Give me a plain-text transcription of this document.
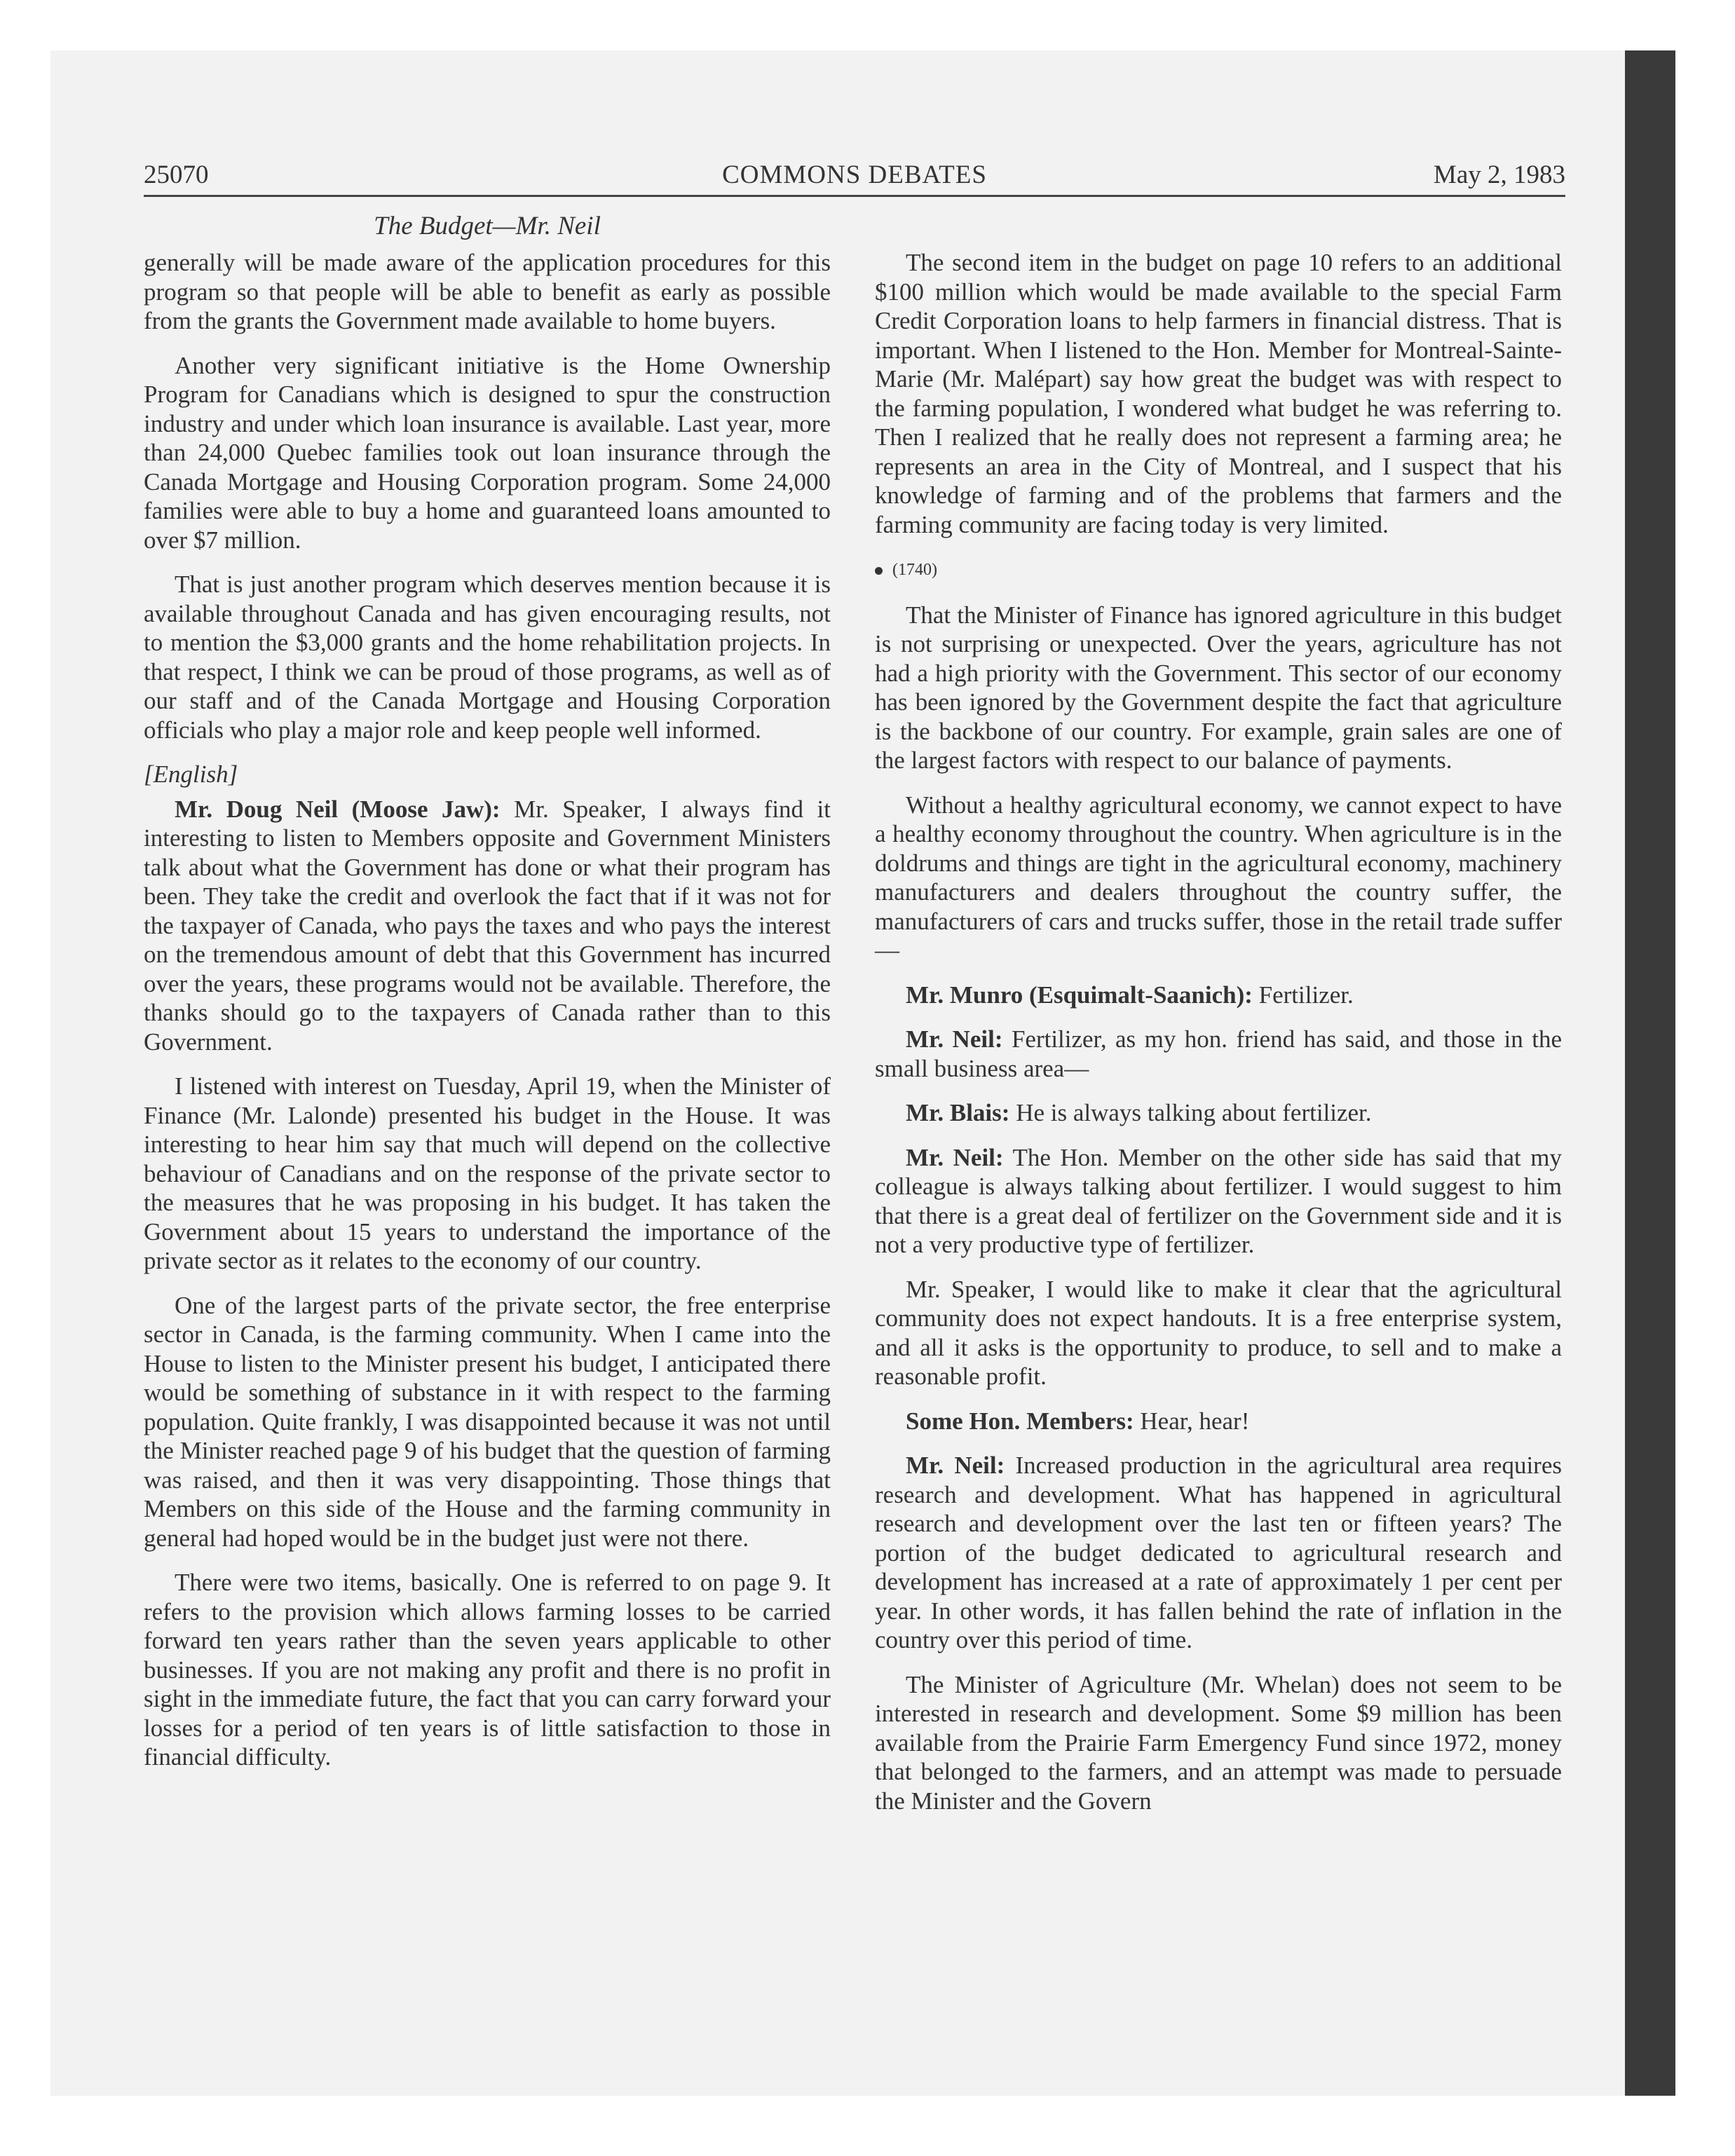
25070	COMMONS DEBATES	May 2, 1983
The Budget—Mr. Neil

generally will be made aware of the application procedures for this program so that people will be able to benefit as early as possible from the grants the Government made available to home buyers.

Another very significant initiative is the Home Ownership Program for Canadians which is designed to spur the construction industry and under which loan insurance is available. Last year, more than 24,000 Quebec families took out loan insurance through the Canada Mortgage and Housing Corporation program. Some 24,000 families were able to buy a home and guaranteed loans amounted to over $7 million.

That is just another program which deserves mention because it is available throughout Canada and has given encouraging results, not to mention the $3,000 grants and the home rehabilitation projects. In that respect, I think we can be proud of those programs, as well as of our staff and of the Canada Mortgage and Housing Corporation officials who play a major role and keep people well informed.

[English]

Mr. Doug Neil (Moose Jaw): Mr. Speaker, I always find it interesting to listen to Members opposite and Government Ministers talk about what the Government has done or what their program has been. They take the credit and overlook the fact that if it was not for the taxpayer of Canada, who pays the taxes and who pays the interest on the tremendous amount of debt that this Government has incurred over the years, these programs would not be available. Therefore, the thanks should go to the taxpayers of Canada rather than to this Government.

I listened with interest on Tuesday, April 19, when the Minister of Finance (Mr. Lalonde) presented his budget in the House. It was interesting to hear him say that much will depend on the collective behaviour of Canadians and on the response of the private sector to the measures that he was proposing in his budget. It has taken the Government about 15 years to understand the importance of the private sector as it relates to the economy of our country.

One of the largest parts of the private sector, the free enterprise sector in Canada, is the farming community. When I came into the House to listen to the Minister present his budget, I anticipated there would be something of substance in it with respect to the farming population. Quite frankly, I was disappointed because it was not until the Minister reached page 9 of his budget that the question of farming was raised, and then it was very disappointing. Those things that Members on this side of the House and the farming community in general had hoped would be in the budget just were not there.

There were two items, basically. One is referred to on page 9. It refers to the provision which allows farming losses to be carried forward ten years rather than the seven years applicable to other businesses. If you are not making any profit and there is no profit in sight in the immediate future, the fact that you can carry forward your losses for a period of ten years is of little satisfaction to those in financial difficulty.

The second item in the budget on page 10 refers to an additional $100 million which would be made available to the special Farm Credit Corporation loans to help farmers in financial distress. That is important. When I listened to the Hon. Member for Montreal-Sainte-Marie (Mr. Malépart) say how great the budget was with respect to the farming population, I wondered what budget he was referring to. Then I realized that he really does not represent a farming area; he represents an area in the City of Montreal, and I suspect that his knowledge of farming and of the problems that farmers and the farming community are facing today is very limited.

(1740)

That the Minister of Finance has ignored agriculture in this budget is not surprising or unexpected. Over the years, agriculture has not had a high priority with the Government. This sector of our economy has been ignored by the Government despite the fact that agriculture is the backbone of our country. For example, grain sales are one of the largest factors with respect to our balance of payments.

Without a healthy agricultural economy, we cannot expect to have a healthy economy throughout the country. When agriculture is in the doldrums and things are tight in the agricultural economy, machinery manufacturers and dealers throughout the country suffer, the manufacturers of cars and trucks suffer, those in the retail trade suffer—

Mr. Munro (Esquimalt-Saanich): Fertilizer.

Mr. Neil: Fertilizer, as my hon. friend has said, and those in the small business area—

Mr. Blais: He is always talking about fertilizer.

Mr. Neil: The Hon. Member on the other side has said that my colleague is always talking about fertilizer. I would suggest to him that there is a great deal of fertilizer on the Government side and it is not a very productive type of fertilizer.

Mr. Speaker, I would like to make it clear that the agricultural community does not expect handouts. It is a free enterprise system, and all it asks is the opportunity to produce, to sell and to make a reasonable profit.

Some Hon. Members: Hear, hear!

Mr. Neil: Increased production in the agricultural area requires research and development. What has happened in agricultural research and development over the last ten or fifteen years? The portion of the budget dedicated to agricultural research and development has increased at a rate of approximately 1 per cent per year. In other words, it has fallen behind the rate of inflation in the country over this period of time.

The Minister of Agriculture (Mr. Whelan) does not seem to be interested in research and development. Some $9 million has been available from the Prairie Farm Emergency Fund since 1972, money that belonged to the farmers, and an attempt was made to persuade the Minister and the Govern
